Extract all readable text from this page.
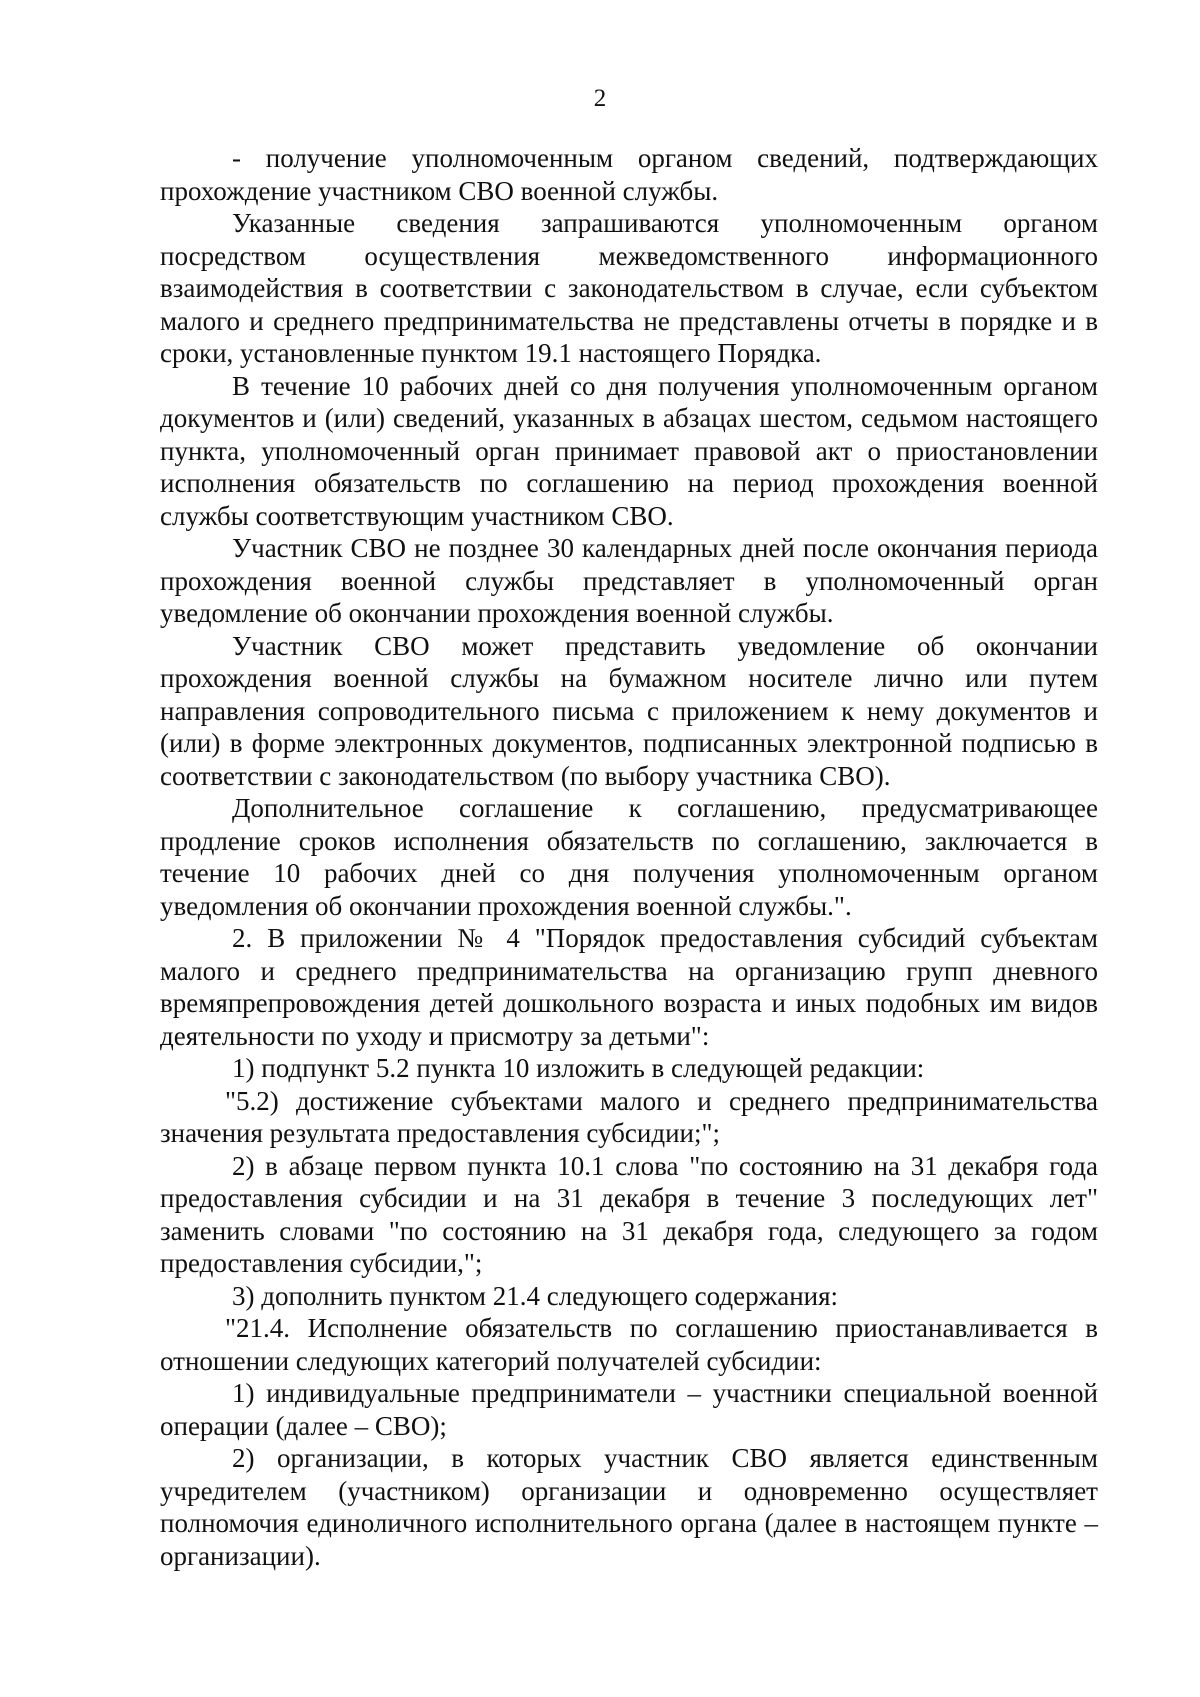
2

- получение уполномоченным органом сведений, подтверждающих прохождение участником СВО военной службы.

Указанные сведения запрашиваются уполномоченным органом посредством осуществления межведомственного информационного взаимодействия в соответствии с законодательством в случае, если субъектом малого и среднего предпринимательства не представлены отчеты в порядке и в сроки, установленные пунктом 19.1 настоящего Порядка.

В течение 10 рабочих дней со дня получения уполномоченным органом документов и (или) сведений, указанных в абзацах шестом, седьмом настоящего пункта, уполномоченный орган принимает правовой акт о приостановлении исполнения обязательств по соглашению на период прохождения военной службы соответствующим участником СВО.

Участник СВО не позднее 30 календарных дней после окончания периода прохождения военной службы представляет в уполномоченный орган уведомление об окончании прохождения военной службы.

Участник СВО может представить уведомление об окончании прохождения военной службы на бумажном носителе лично или путем направления сопроводительного письма с приложением к нему документов и (или) в форме электронных документов, подписанных электронной подписью в соответствии с законодательством (по выбору участника СВО).

Дополнительное соглашение к соглашению, предусматривающее продление сроков исполнения обязательств по соглашению, заключается в течение 10 рабочих дней со дня получения уполномоченным органом уведомления об окончании прохождения военной службы.".

2. В приложении № 4 "Порядок предоставления субсидий субъектам малого и среднего предпринимательства на организацию групп дневного времяпрепровождения детей дошкольного возраста и иных подобных им видов деятельности по уходу и присмотру за детьми":

1) подпункт 5.2 пункта 10 изложить в следующей редакции:

"5.2) достижение субъектами малого и среднего предпринимательства значения результата предоставления субсидии;";

2) в абзаце первом пункта 10.1 слова "по состоянию на 31 декабря года предоставления субсидии и на 31 декабря в течение 3 последующих лет" заменить словами "по состоянию на 31 декабря года, следующего за годом предоставления субсидии,";

3) дополнить пунктом 21.4 следующего содержания:

"21.4. Исполнение обязательств по соглашению приостанавливается в отношении следующих категорий получателей субсидии:

1) индивидуальные предприниматели – участники специальной военной операции (далее – СВО);

2) организации, в которых участник СВО является единственным учредителем (участником) организации и одновременно осуществляет полномочия единоличного исполнительного органа (далее в настоящем пункте – организации).
